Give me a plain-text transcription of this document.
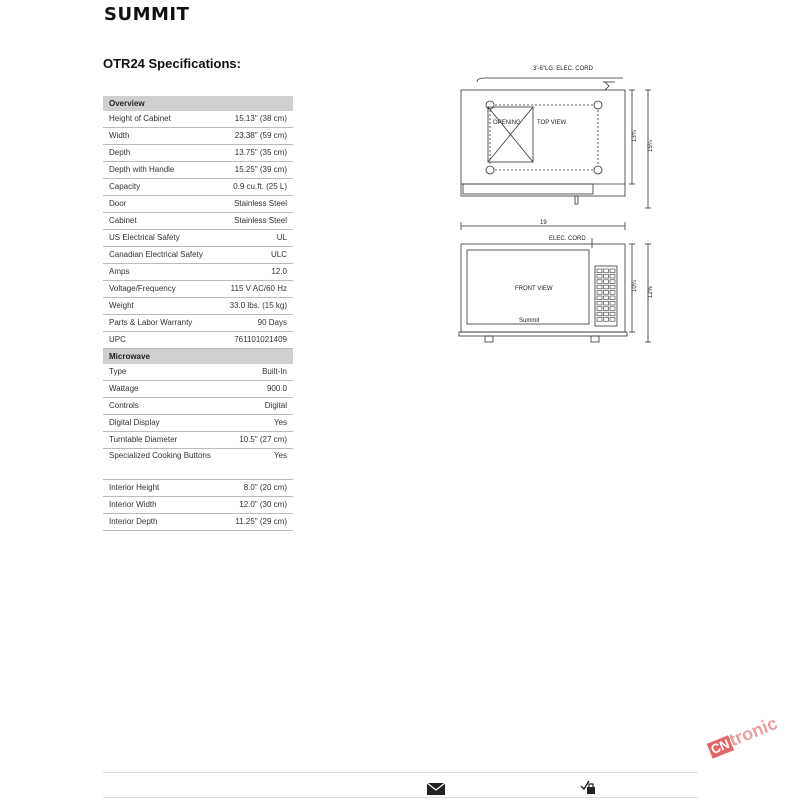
SUMMIT
OTR24 Specifications:
Overview	
Height of Cabinet	15.13" (38 cm)
Width	23.38" (59 cm)
Depth	13.75" (35 cm)
Depth with Handle	15.25" (39 cm)
Capacity	0.9 cu.ft. (25 L)
Door	Stainless Steel
Cabinet	Stainless Steel
US Electrical Safety	UL
Canadian Electrical Safety	ULC
Amps	12.0
Voltage/Frequency	115 V AC/60 Hz
Weight	33.0 lbs. (15 kg)
Parts & Labor Warranty	90 Days
UPC	761101021409
Microwave	
Type	Built-In
Wattage	900.0
Controls	Digital
Digital Display	Yes
Turntable Diameter	10.5" (27 cm)
Specialized Cooking Buttons	Yes
Interior Height	8.0" (20 cm)
Interior Width	12.0" (30 cm)
Interior Depth	11.25" (29 cm)
3'-6"LG. ELEC. CORD
OPENING	TOP VIEW
13¾
15¼
19
ELEC. CORD
FRONT VIEW
Summit
10¼
12⅝
CNtronic
